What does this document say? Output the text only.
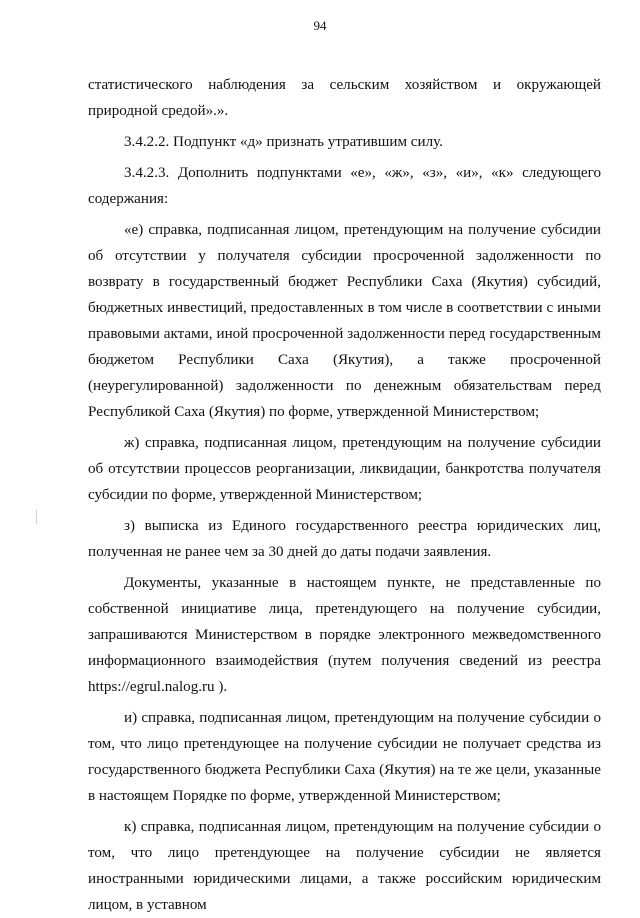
94

статистического наблюдения за сельским хозяйством и окружающей природной средой».».

3.4.2.2. Подпункт «д» признать утратившим силу.

3.4.2.3. Дополнить подпунктами «е», «ж», «з», «и», «к» следующего содержания:

«е) справка, подписанная лицом, претендующим на получение субсидии об отсутствии у получателя субсидии просроченной задолженности по возврату в государственный бюджет Республики Саха (Якутия) субсидий, бюджетных инвестиций, предоставленных в том числе в соответствии с иными правовыми актами, иной просроченной задолженности перед государственным бюджетом Республики Саха (Якутия), а также просроченной (неурегулированной) задолженности по денежным обязательствам перед Республикой Саха (Якутия) по форме, утвержденной Министерством;

ж) справка, подписанная лицом, претендующим на получение субсидии об отсутствии процессов реорганизации, ликвидации, банкротства получателя субсидии по форме, утвержденной Министерством;

з) выписка из Единого государственного реестра юридических лиц, полученная не ранее чем за 30 дней до даты подачи заявления.

Документы, указанные в настоящем пункте, не представленные по собственной инициативе лица, претендующего на получение субсидии, запрашиваются Министерством в порядке электронного межведомственного информационного взаимодействия (путем получения сведений из реестра https://egrul.nalog.ru ).

и) справка, подписанная лицом, претендующим на получение субсидии о том, что лицо претендующее на получение субсидии не получает средства из государственного бюджета Республики Саха (Якутия) на те же цели, указанные в настоящем Порядке по форме, утвержденной Министерством;

к) справка, подписанная лицом, претендующим на получение субсидии о том, что лицо претендующее на получение субсидии не является иностранными юридическими лицами, а также российским юридическим лицом, в уставном
